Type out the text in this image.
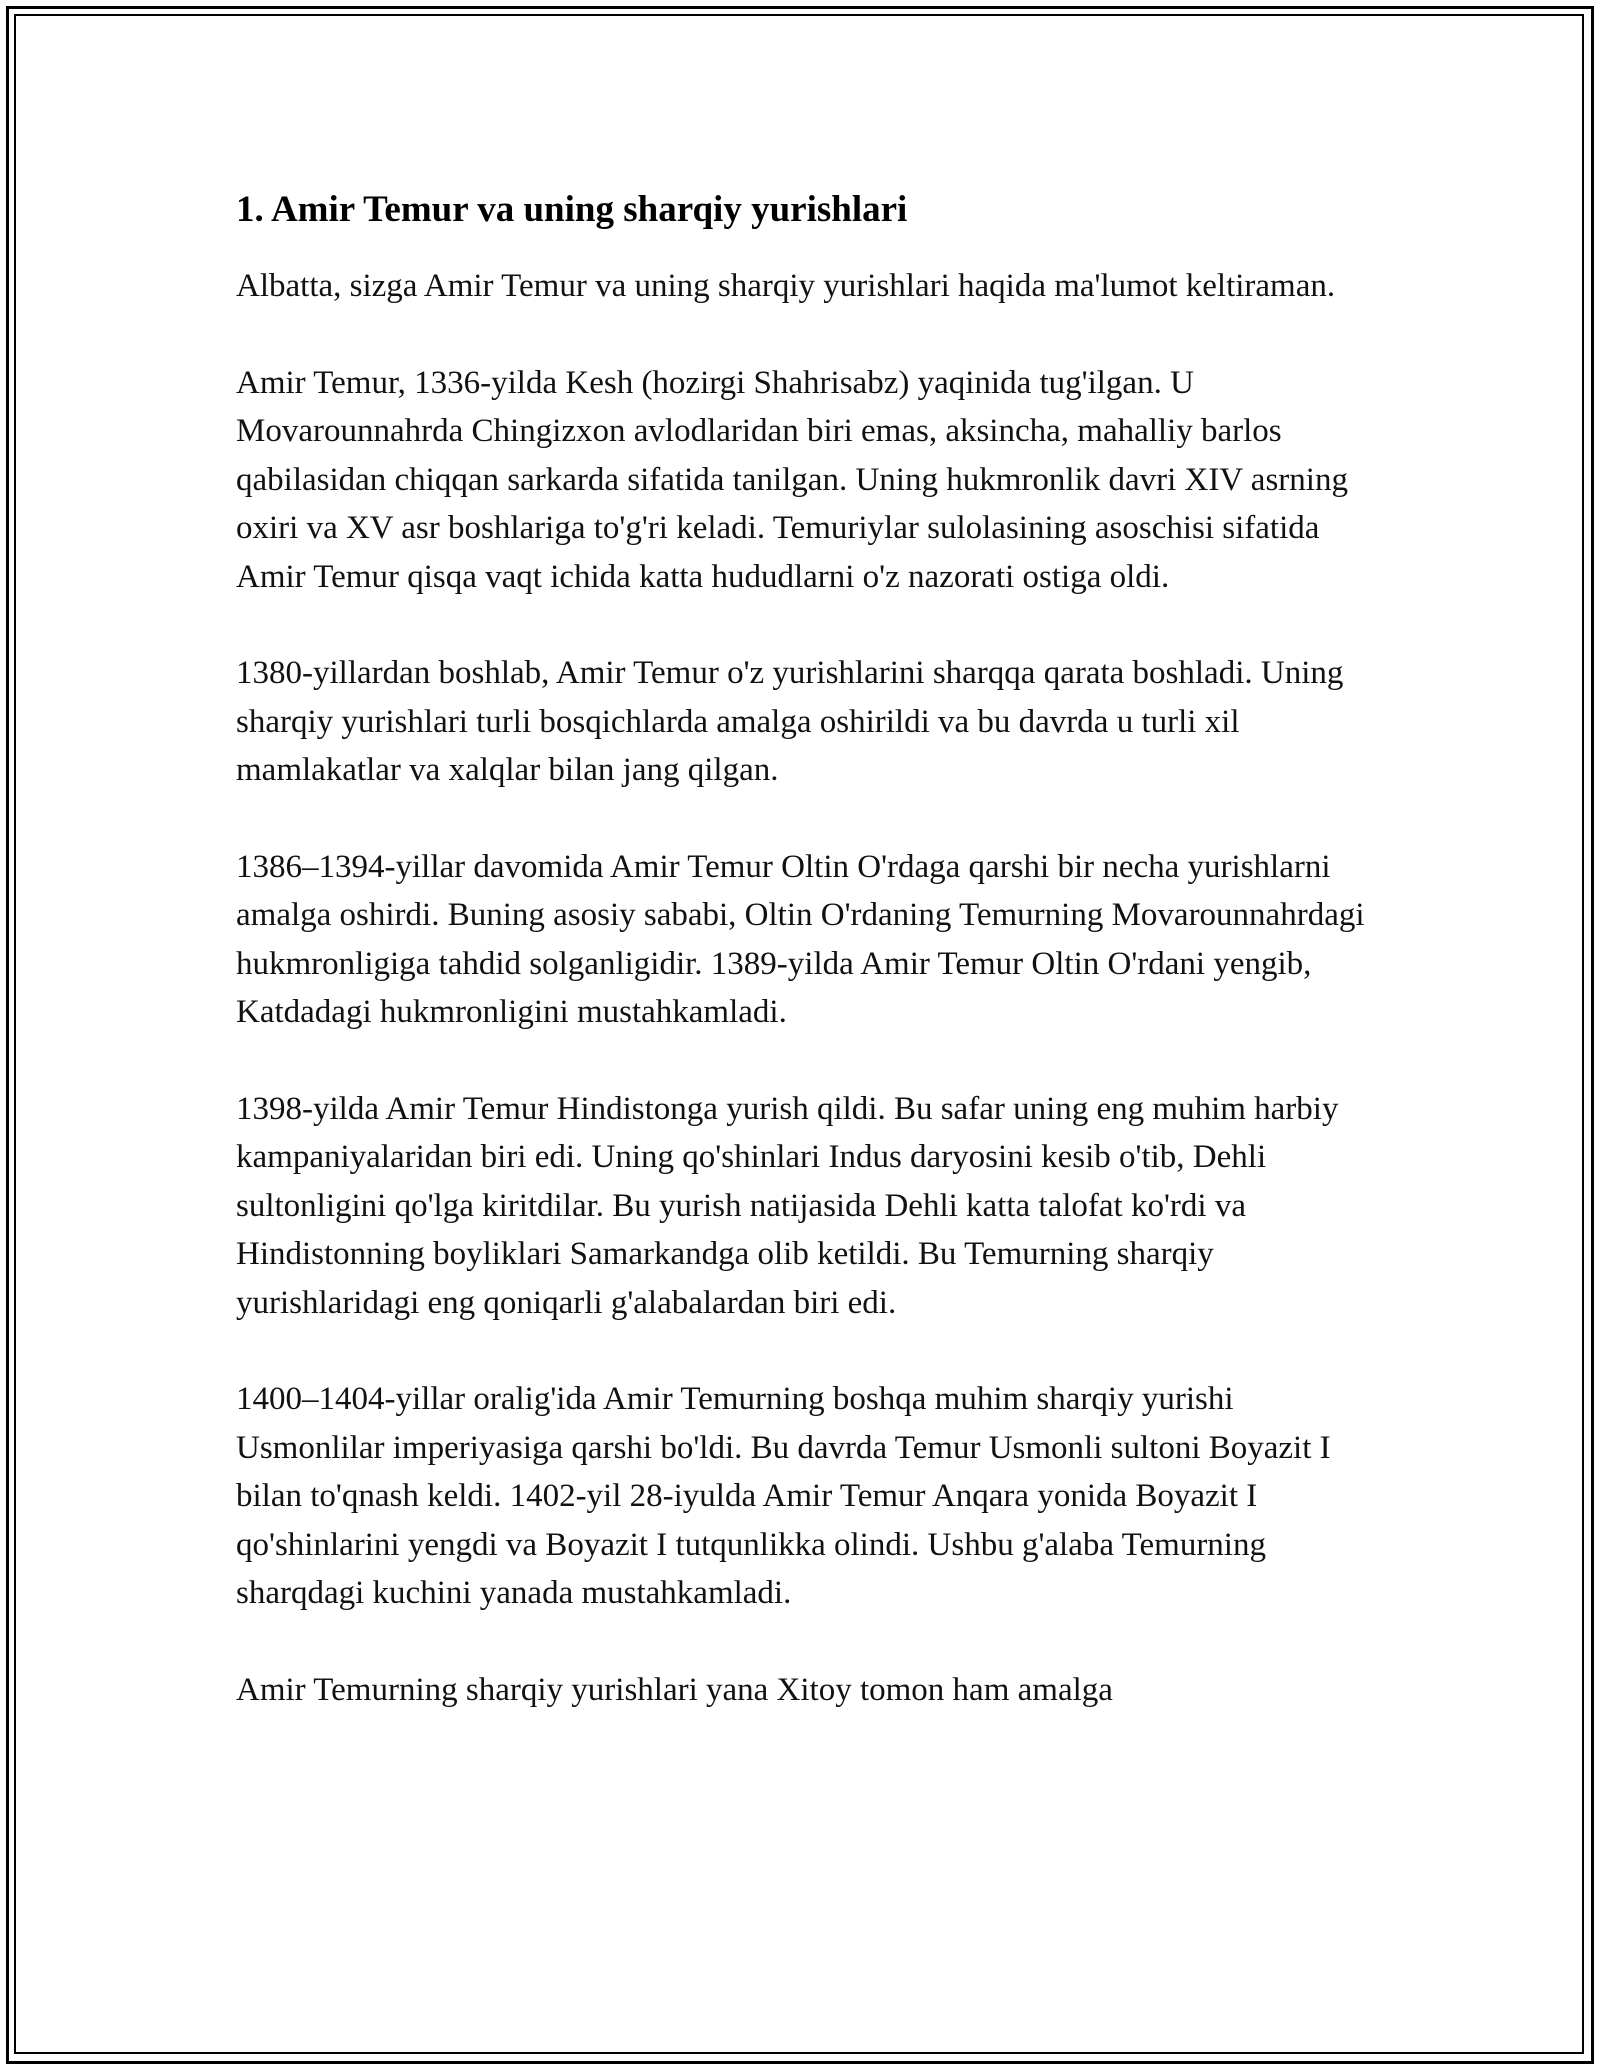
1. Amir Temur va uning sharqiy yurishlari

Albatta, sizga Amir Temur va uning sharqiy yurishlari haqida ma'lumot keltiraman.

Amir Temur, 1336-yilda Kesh (hozirgi Shahrisabz) yaqinida tug'ilgan. U Movarounnahrda Chingizxon avlodlaridan biri emas, aksincha, mahalliy barlos qabilasidan chiqqan sarkarda sifatida tanilgan. Uning hukmronlik davri XIV asrning oxiri va XV asr boshlariga to'g'ri keladi. Temuriylar sulolasining asoschisi sifatida Amir Temur qisqa vaqt ichida katta hududlarni o'z nazorati ostiga oldi.

1380-yillardan boshlab, Amir Temur o'z yurishlarini sharqqa qarata boshladi. Uning sharqiy yurishlari turli bosqichlarda amalga oshirildi va bu davrda u turli xil mamlakatlar va xalqlar bilan jang qilgan.

1386–1394-yillar davomida Amir Temur Oltin O'rdaga qarshi bir necha yurishlarni amalga oshirdi. Buning asosiy sababi, Oltin O'rdaning Temurning Movarounnahrdagi hukmronligiga tahdid solganligidir. 1389-yilda Amir Temur Oltin O'rdani yengib, Katdadagi hukmronligini mustahkamladi.

1398-yilda Amir Temur Hindistonga yurish qildi. Bu safar uning eng muhim harbiy kampaniyalaridan biri edi. Uning qo'shinlari Indus daryosini kesib o'tib, Dehli sultonligini qo'lga kiritdilar. Bu yurish natijasida Dehli katta talofat ko'rdi va Hindistonning boyliklari Samarkandga olib ketildi. Bu Temurning sharqiy yurishlaridagi eng qoniqarli g'alabalardan biri edi.

1400–1404-yillar oralig'ida Amir Temurning boshqa muhim sharqiy yurishi Usmonlilar imperiyasiga qarshi bo'ldi. Bu davrda Temur Usmonli sultoni Boyazit I bilan to'qnash keldi. 1402-yil 28-iyulda Amir Temur Anqara yonida Boyazit I qo'shinlarini yengdi va Boyazit I tutqunlikka olindi. Ushbu g'alaba Temurning sharqdagi kuchini yanada mustahkamladi.

Amir Temurning sharqiy yurishlari yana Xitoy tomon ham amalga
